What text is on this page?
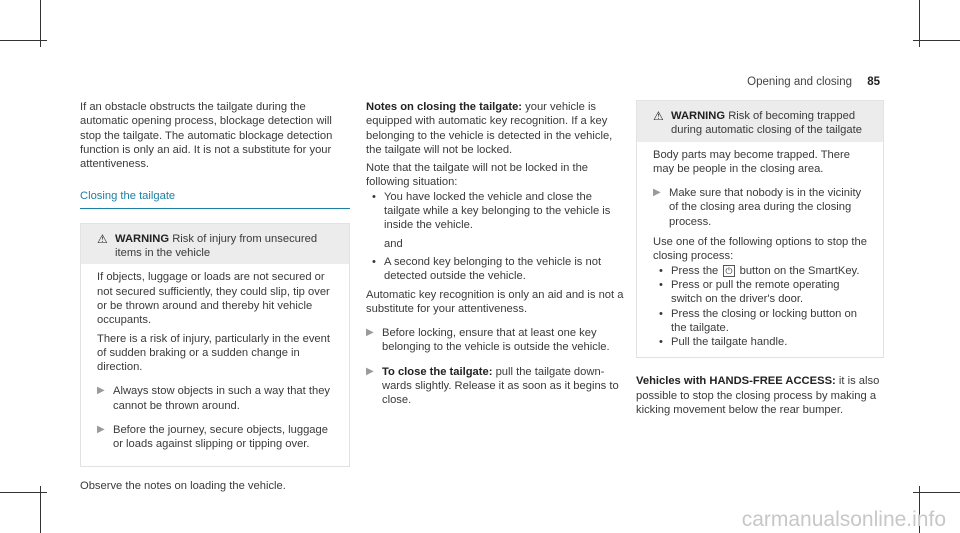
Opening and closing 85

If an obstacle obstructs the tailgate during the automatic opening process, blockage detection will stop the tailgate. The automatic blockage detection function is only an aid. It is not a substitute for your attentiveness.

Closing the tailgate
⚠ WARNING Risk of injury from unsecured items in the vehicle

If objects, luggage or loads are not secured or not secured sufficiently, they could slip, tip over or be thrown around and thereby hit vehicle occupants.

There is a risk of injury, particularly in the event of sudden braking or a sudden change in direction.

▶ Always stow objects in such a way that they cannot be thrown around.
▶ Before the journey, secure objects, luggage or loads against slipping or tipping over.

Observe the notes on loading the vehicle.

Notes on closing the tailgate: your vehicle is equipped with automatic key recognition. If a key belonging to the vehicle is detected in the vehicle, the tailgate will not be locked.

Note that the tailgate will not be locked in the following situation:

• You have locked the vehicle and close the tailgate while a key belonging to the vehicle is inside the vehicle.

and

• A second key belonging to the vehicle is not detected outside the vehicle.

Automatic key recognition is only an aid and is not a substitute for your attentiveness.

▶ Before locking, ensure that at least one key belonging to the vehicle is outside the vehicle.
▶ To close the tailgate: pull the tailgate down-wards slightly. Release it as soon as it begins to close.
⚠ WARNING Risk of becoming trapped during automatic closing of the tailgate

Body parts may become trapped. There may be people in the closing area.

▶ Make sure that nobody is in the vicinity of the closing area during the closing process.

Use one of the following options to stop the closing process:

• Press the ⏻ button on the SmartKey.
• Press or pull the remote operating switch on the driver's door.
• Press the closing or locking button on the tailgate.
• Pull the tailgate handle.

Vehicles with HANDS-FREE ACCESS: it is also possible to stop the closing process by making a kicking movement below the rear bumper.

carmanualsonline.info
